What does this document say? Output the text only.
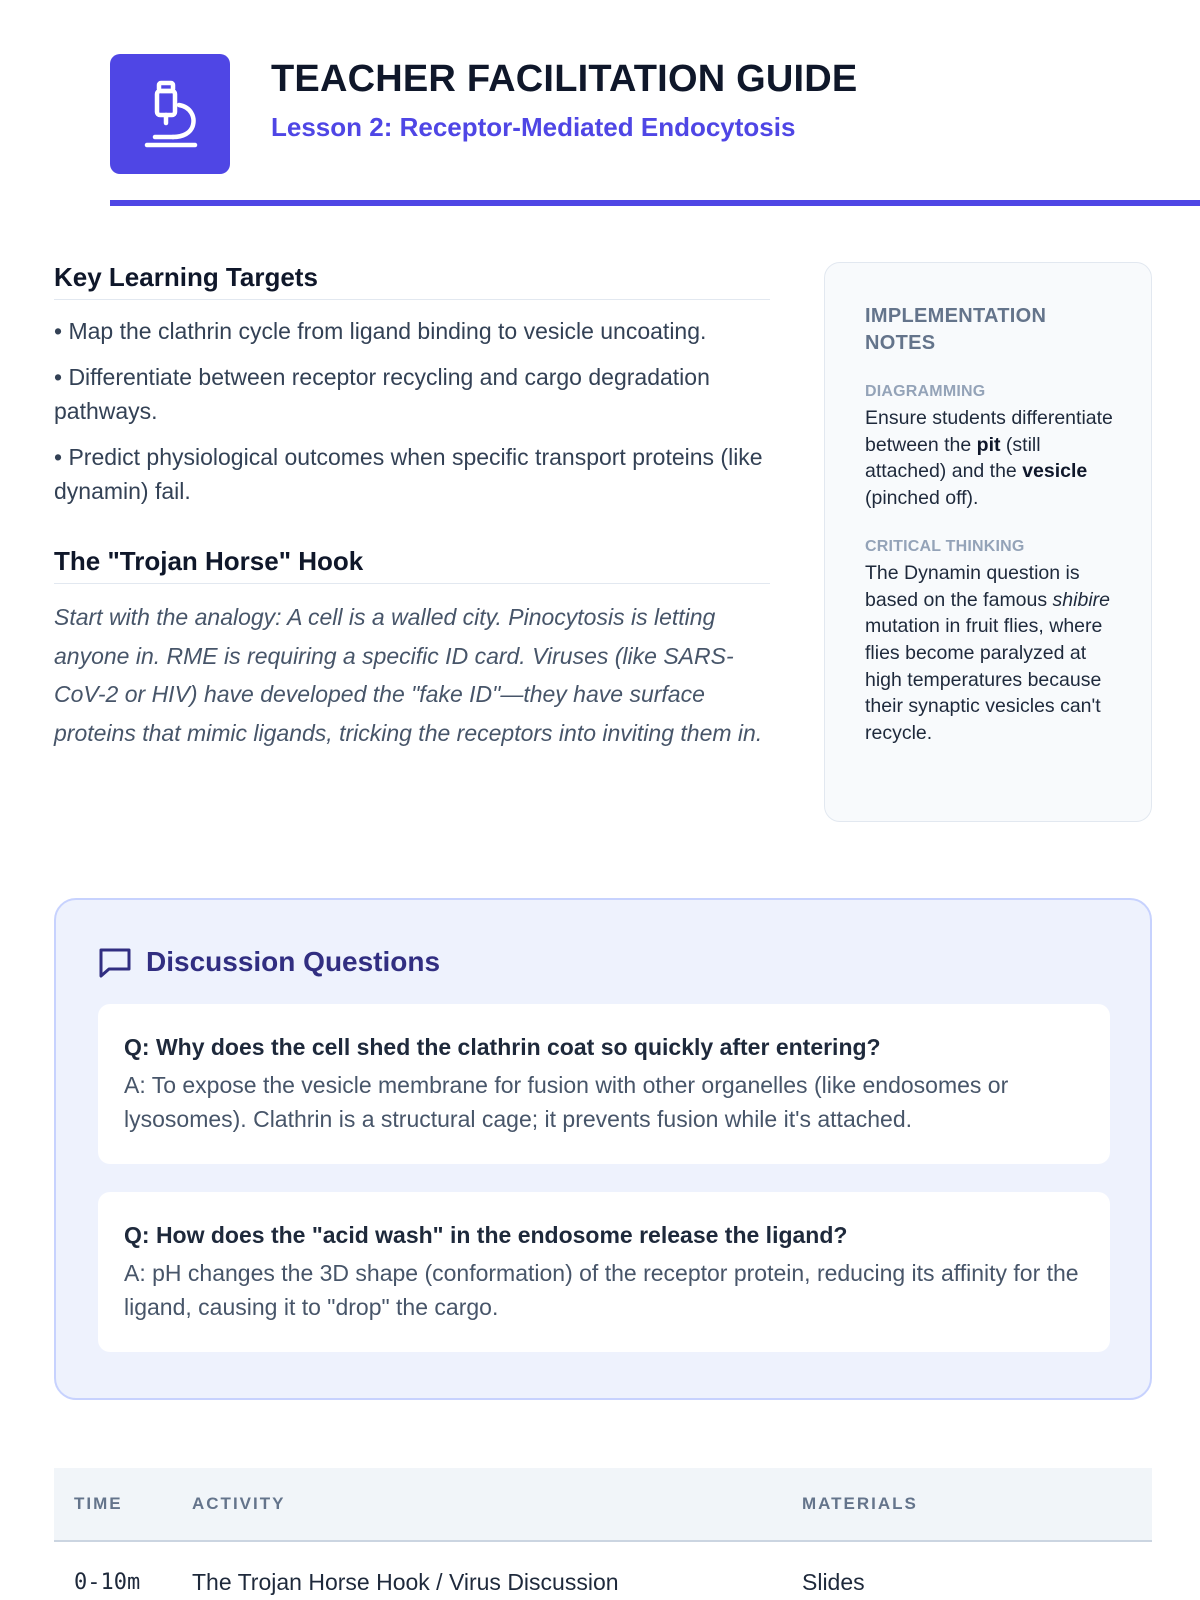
TEACHER FACILITATION GUIDE
Lesson 2: Receptor-Mediated Endocytosis
Key Learning Targets
• Map the clathrin cycle from ligand binding to vesicle uncoating.
• Differentiate between receptor recycling and cargo degradation pathways.
• Predict physiological outcomes when specific transport proteins (like dynamin) fail.
The "Trojan Horse" Hook
Start with the analogy: A cell is a walled city. Pinocytosis is letting anyone in. RME is requiring a specific ID card. Viruses (like SARS-CoV-2 or HIV) have developed the "fake ID"—they have surface proteins that mimic ligands, tricking the receptors into inviting them in.
IMPLEMENTATION NOTES
DIAGRAMMING
Ensure students differentiate between the pit (still attached) and the vesicle (pinched off).
CRITICAL THINKING
The Dynamin question is based on the famous shibire mutation in fruit flies, where flies become paralyzed at high temperatures because their synaptic vesicles can't recycle.
Discussion Questions
Q: Why does the cell shed the clathrin coat so quickly after entering?
A: To expose the vesicle membrane for fusion with other organelles (like endosomes or lysosomes). Clathrin is a structural cage; it prevents fusion while it's attached.
Q: How does the "acid wash" in the endosome release the ligand?
A: pH changes the 3D shape (conformation) of the receptor protein, reducing its affinity for the ligand, causing it to "drop" the cargo.
TIME	ACTIVITY	MATERIALS
0-10m	The Trojan Horse Hook / Virus Discussion	Slides
